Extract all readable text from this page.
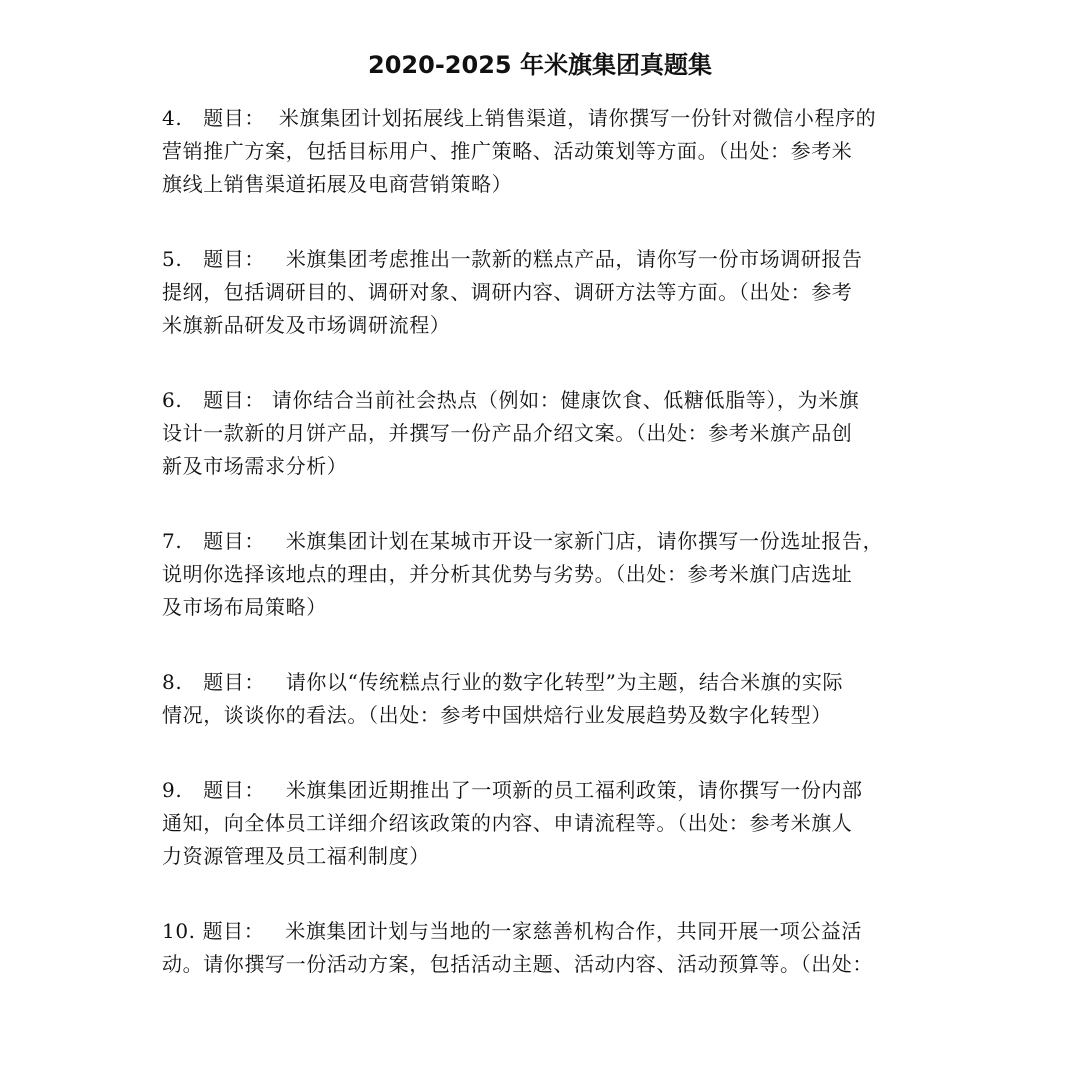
2020-2025 年米旗集团真题集
4.   题目：  米旗集团计划拓展线上销售渠道，请你撰写一份针对微信小程序的
营销推广方案，包括目标用户、推广策略、活动策划等方面。（出处：参考米
旗线上销售渠道拓展及电商营销策略）
5.   题目：   米旗集团考虑推出一款新的糕点产品，请你写一份市场调研报告
提纲，包括调研目的、调研对象、调研内容、调研方法等方面。（出处：参考
米旗新品研发及市场调研流程）
6.   题目： 请你结合当前社会热点（例如：健康饮食、低糖低脂等），为米旗
设计一款新的月饼产品，并撰写一份产品介绍文案。（出处：参考米旗产品创
新及市场需求分析）
7.   题目：   米旗集团计划在某城市开设一家新门店，请你撰写一份选址报告，
说明你选择该地点的理由，并分析其优势与劣势。（出处：参考米旗门店选址
及市场布局策略）
8.   题目：   请你以“传统糕点行业的数字化转型”为主题，结合米旗的实际
情况，谈谈你的看法。（出处：参考中国烘焙行业发展趋势及数字化转型）
9.   题目：   米旗集团近期推出了一项新的员工福利政策，请你撰写一份内部
通知，向全体员工详细介绍该政策的内容、申请流程等。（出处：参考米旗人
力资源管理及员工福利制度）
10. 题目：   米旗集团计划与当地的一家慈善机构合作，共同开展一项公益活
动。请你撰写一份活动方案，包括活动主题、活动内容、活动预算等。（出处：
